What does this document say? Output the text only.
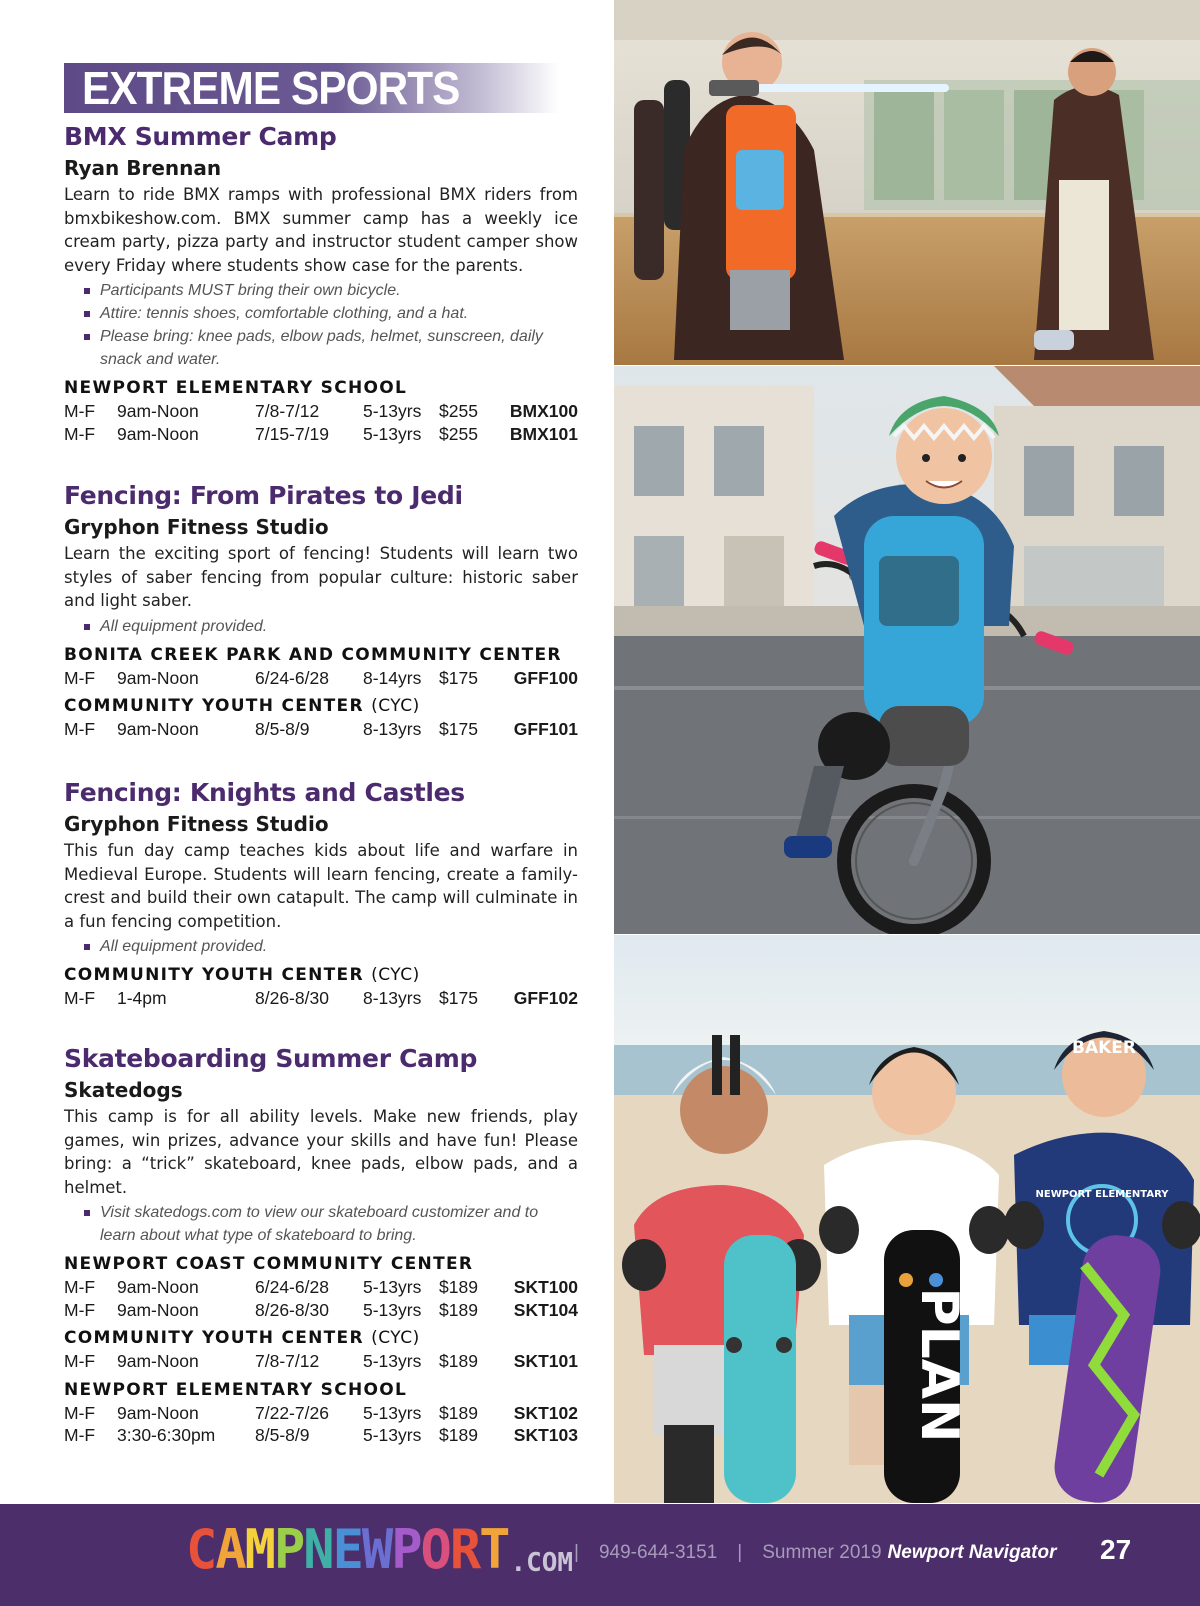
EXTREME SPORTS
BMX Summer Camp
Ryan Brennan
Learn to ride BMX ramps with professional BMX riders from bmxbikeshow.com. BMX summer camp has a weekly ice cream party, pizza party and instructor student camper show every Friday where students show case for the parents.
Participants MUST bring their own bicycle.
Attire: tennis shoes, comfortable clothing, and a hat.
Please bring: knee pads, elbow pads, helmet, sunscreen, daily snack and water.
NEWPORT ELEMENTARY SCHOOL
M-F 9am-Noon	7/8-7/12	5-13yrs $255 BMX100
M-F 9am-Noon	7/15-7/19 5-13yrs $255 BMX101
Fencing: From Pirates to Jedi
Gryphon Fitness Studio
Learn the exciting sport of fencing! Students will learn two styles of saber fencing from popular culture: historic saber and light saber.
All equipment provided.
BONITA CREEK PARK AND COMMUNITY CENTER
M-F 9am-Noon	6/24-6/28 8-14yrs $175 GFF100
COMMUNITY YOUTH CENTER (CYC)
M-F 9am-Noon	8/5-8/9	8-13yrs $175 GFF101
Fencing: Knights and Castles
Gryphon Fitness Studio
This fun day camp teaches kids about life and warfare in Medieval Europe. Students will learn fencing, create a family-crest and build their own catapult. The camp will culminate in a fun fencing competition.
All equipment provided.
COMMUNITY YOUTH CENTER (CYC)
M-F 1-4pm	8/26-8/30 8-13yrs $175 GFF102
Skateboarding Summer Camp
Skatedogs
This camp is for all ability levels. Make new friends, play games, win prizes, advance your skills and have fun! Please bring: a “trick” skateboard, knee pads, elbow pads, and a helmet.
Visit skatedogs.com to view our skateboard customizer and to learn about what type of skateboard to bring.
NEWPORT COAST COMMUNITY CENTER
M-F 9am-Noon	6/24-6/28 5-13yrs $189 SKT100
M-F 9am-Noon	8/26-8/30 5-13yrs $189 SKT104
COMMUNITY YOUTH CENTER (CYC)
M-F 9am-Noon	7/8-7/12	5-13yrs $189 SKT101
NEWPORT ELEMENTARY SCHOOL
M-F 9am-Noon	7/22-7/26 5-13yrs $189 SKT102
M-F 3:30-6:30pm 8/5-8/9	5-13yrs $189 SKT103	PLAN
NEWPORT ELEMENTARY
BAKER
CAMPNEWPORT.COM | 949-644-3151 | Summer 2019 Newport Navigator 27
